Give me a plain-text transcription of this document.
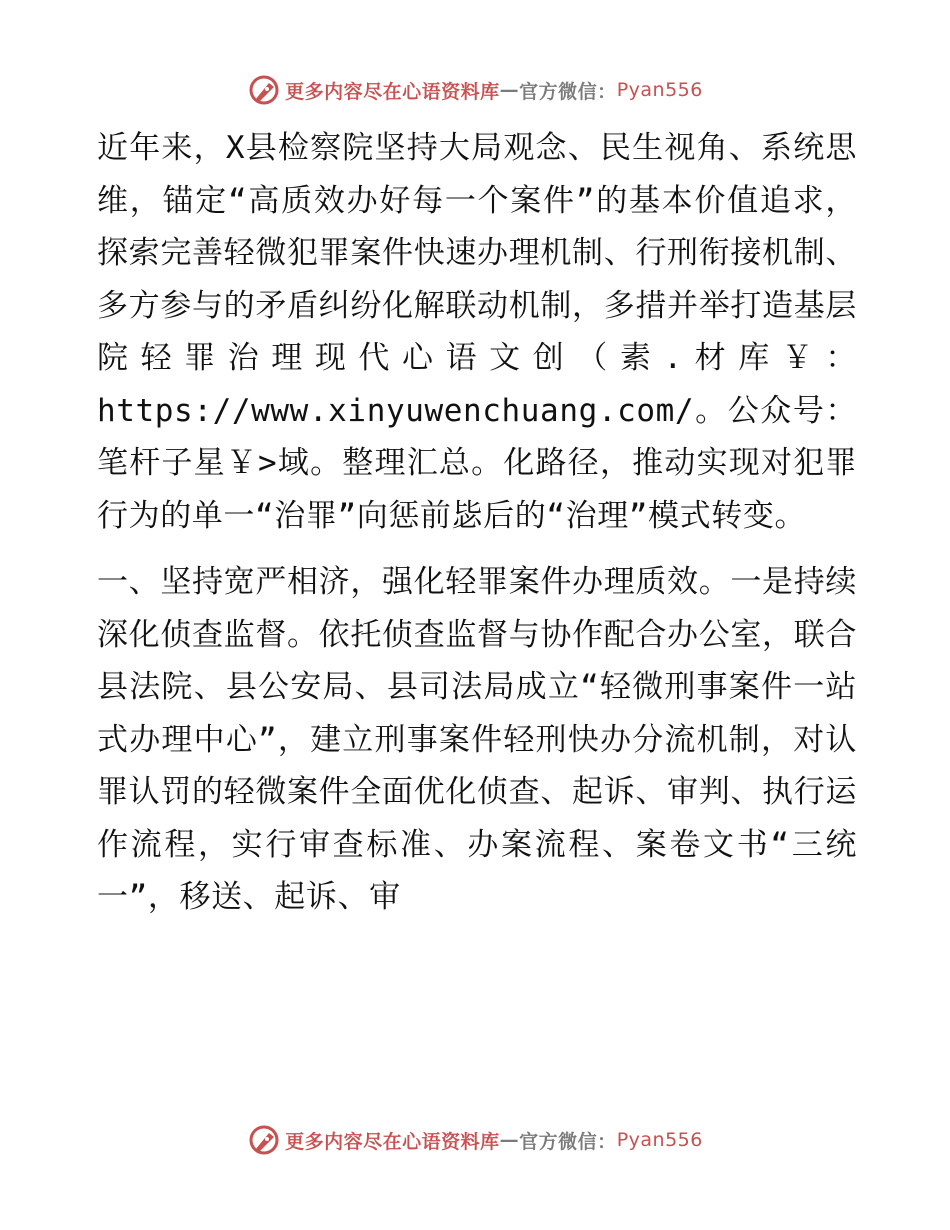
更多内容尽在心语资料库 — 官方微信： Pyan556

近年来，X县检察院坚持大局观念、民生视角、系统思维，锚定“高质效办好每一个案件”的基本价值追求，探索完善轻微犯罪案件快速办理机制、行刑衔接机制、多方参与的矛盾纠纷化解联动机制，多措并举打造基层院轻罪治理现代心语文创（素.材库￥：https://www.xinyuwenchuang.com/。公众号：笔杆子星￥>域。整理汇总。化路径，推动实现对犯罪行为的单一“治罪”向惩前毖后的“治理”模式转变。

一、坚持宽严相济，强化轻罪案件办理质效。一是持续深化侦查监督。依托侦查监督与协作配合办公室，联合县法院、县公安局、县司法局成立“轻微刑事案件一站式办理中心”，建立刑事案件轻刑快办分流机制，对认罪认罚的轻微案件全面优化侦查、起诉、审判、执行运作流程，实行审查标准、办案流程、案卷文书“三统一”，移送、起诉、审

更多内容尽在心语资料库 — 官方微信： Pyan556
